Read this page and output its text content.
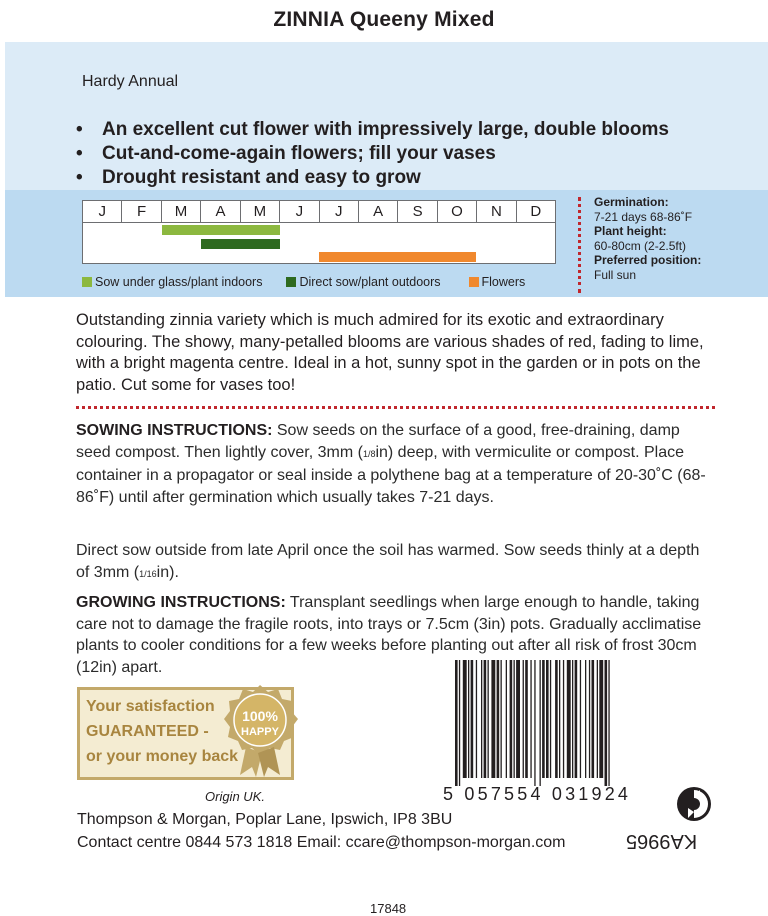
ZINNIA Queeny Mixed
Hardy Annual
• An excellent cut flower with impressively large, double blooms
• Cut-and-come-again flowers; fill your vases
• Drought resistant and easy to grow
J	F	M	A	M	J	J	A	S	O	N	D
Sow under glass/plant indoors	Direct sow/plant outdoors	Flowers
Germination:
7-21 days 68-86˚F
Plant height:
60-80cm (2-2.5ft)
Preferred position:
Full sun
Outstanding zinnia variety which is much admired for its exotic and extraordinary colouring. The showy, many-petalled blooms are various shades of red, fading to lime, with a bright magenta centre. Ideal in a hot, sunny spot in the garden or in pots on the patio. Cut some for vases too!
SOWING INSTRUCTIONS: Sow seeds on the surface of a good, free-draining, damp seed compost. Then lightly cover, 3mm (1/8in) deep, with vermiculite or compost. Place container in a propagator or seal inside a polythene bag at a temperature of 20-30˚C (68-86˚F) until after germination which usually takes 7-21 days.
Direct sow outside from late April once the soil has warmed. Sow seeds thinly at a depth of 3mm (1/16in).
GROWING INSTRUCTIONS: Transplant seedlings when large enough to handle, taking care not to damage the fragile roots, into trays or 7.5cm (3in) pots. Gradually acclimatise plants to cooler conditions for a few weeks before planting out after all risk of frost 30cm (12in) apart.
Your satisfaction
GUARANTEED -
or your money back
100%
HAPPY
Origin UK.
Thompson & Morgan, Poplar Lane, Ipswich, IP8 3BU
Contact centre 0844 573 1818 Email: ccare@thompson-morgan.com
5 057554 031924
KA9965
17848
